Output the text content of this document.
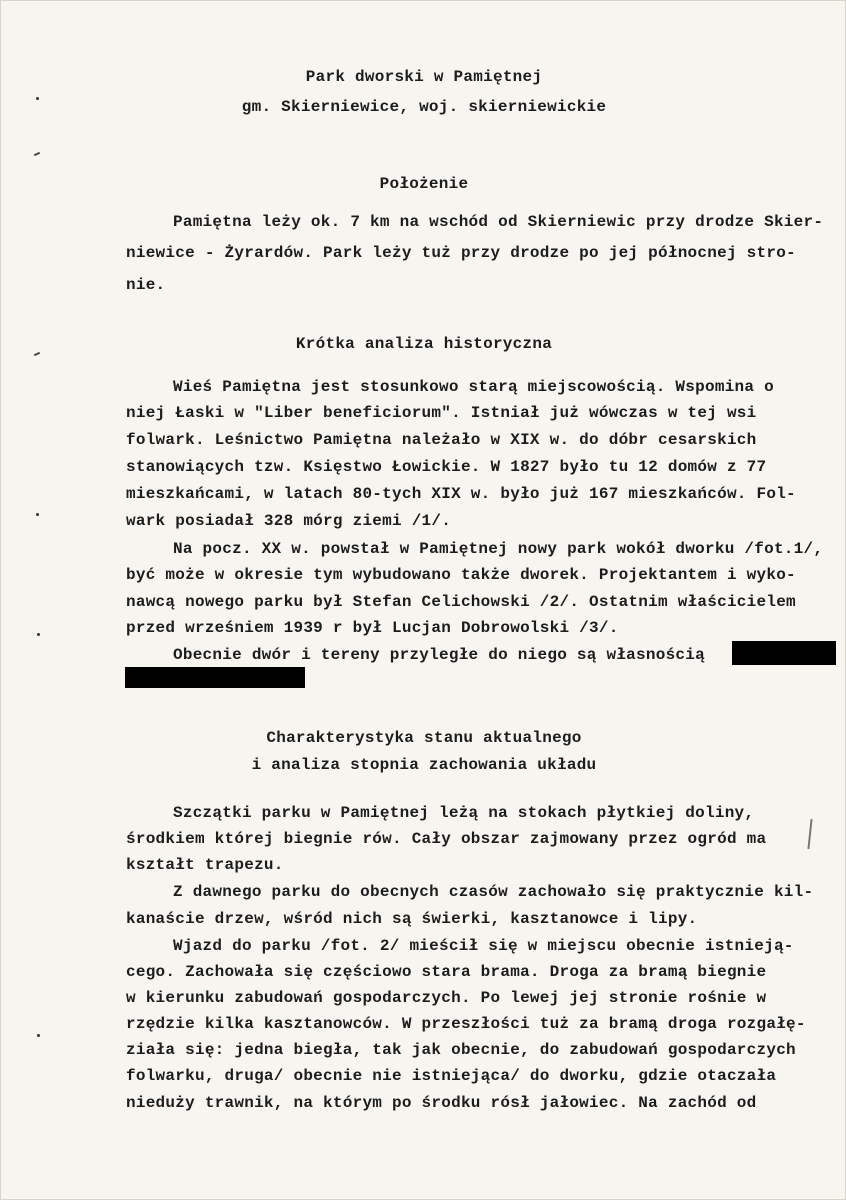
Park dworski w Pamiętnej
gm. Skierniewice, woj. skierniewickie
Położenie
Pamiętna leży ok. 7 km na wschód od Skierniewic przy drodze Skier-
niewice - Żyrardów. Park leży tuż przy drodze po jej północnej stro-
nie.
Krótka analiza historyczna
Wieś Pamiętna jest stosunkowo starą miejscowością. Wspomina o
niej Łaski w "Liber beneficiorum". Istniał już wówczas w tej wsi
folwark. Leśnictwo Pamiętna należało w XIX w. do dóbr cesarskich
stanowiących tzw. Księstwo Łowickie. W 1827 było tu 12 domów z 77
mieszkańcami, w latach 80-tych XIX w. było już 167 mieszkańców. Fol-
wark posiadał 328 mórg ziemi /1/.
Na pocz. XX w. powstał w Pamiętnej nowy park wokół dworku /fot.1/,
być może w okresie tym wybudowano także dworek. Projektantem i wyko-
nawcą nowego parku był Stefan Celichowski /2/. Ostatnim właścicielem
przed wrześniem 1939 r był Lucjan Dobrowolski /3/.
Obecnie dwór i tereny przyległe do niego są własnością
Charakterystyka stanu aktualnego
i analiza stopnia zachowania układu
Szczątki parku w Pamiętnej leżą na stokach płytkiej doliny,
środkiem której biegnie rów. Cały obszar zajmowany przez ogród ma
kształt trapezu.
Z dawnego parku do obecnych czasów zachowało się praktycznie kil-
kanaście drzew, wśród nich są świerki, kasztanowce i lipy.
Wjazd do parku /fot. 2/ mieścił się w miejscu obecnie istnieją-
cego. Zachowała się częściowo stara brama. Droga za bramą biegnie
w kierunku zabudowań gospodarczych. Po lewej jej stronie rośnie w
rzędzie kilka kasztanowców. W przeszłości tuż za bramą droga rozgałę-
ziała się: jedna biegła, tak jak obecnie, do zabudowań gospodarczych
folwarku, druga/ obecnie nie istniejąca/ do dworku, gdzie otaczała
nieduży trawnik, na którym po środku rósł jałowiec. Na zachód od
